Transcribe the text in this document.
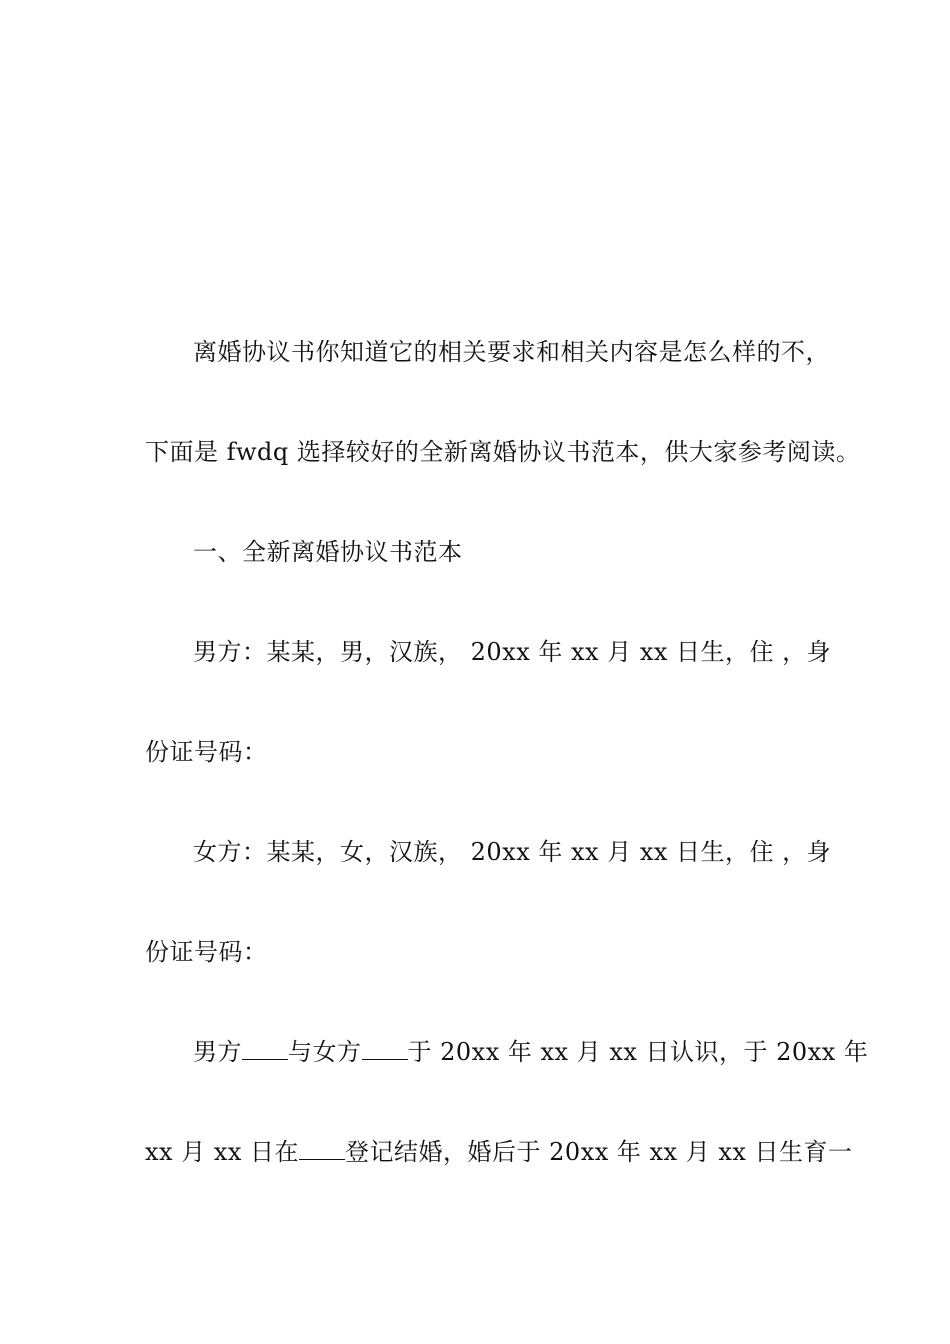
离婚协议书你知道它的相关要求和相关内容是怎么样的不，
下面是 fwdq 选择较好的全新离婚协议书范本，供大家参考阅读。
一、全新离婚协议书范本
男方：某某，男，汉族， 20xx 年 xx 月 xx 日生，住 ，身
份证号码：
女方：某某，女，汉族， 20xx 年 xx 月 xx 日生，住 ，身
份证号码：
男方 与女方 于 20xx 年 xx 月 xx 日认识，于 20xx 年
xx 月 xx 日在 登记结婚，婚后于 20xx 年 xx 月 xx 日生育一
